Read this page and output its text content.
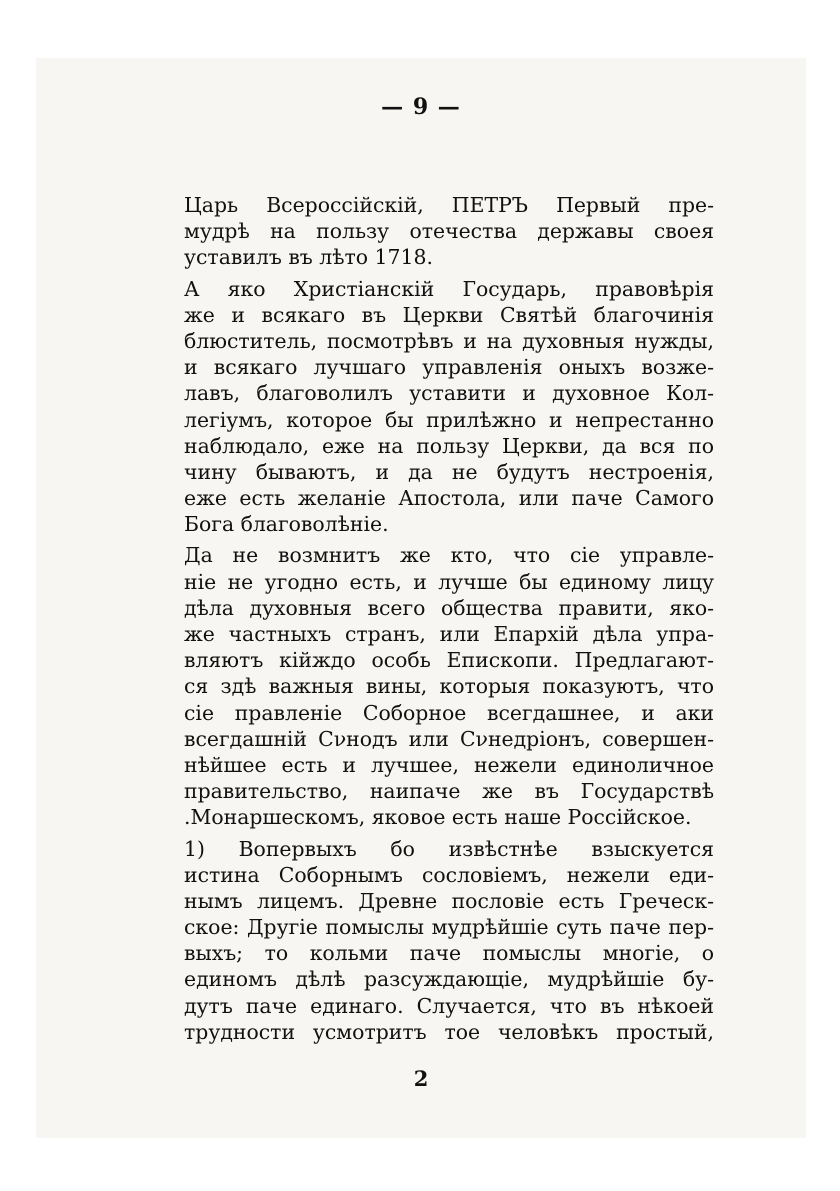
— 9 —
Царь Всероссійскій, ПЕТРЪ Первый пре-
мудрѣ на пользу отечества державы своея
уставилъ въ лѣто 1718.
А яко Христіанскій Государь, правовѣрія
же и всякаго въ Церкви Святѣй благочинія
блюститель, посмотрѣвъ и на духовныя нужды,
и всякаго лучшаго управленія оныхъ возже-
лавъ, благоволилъ уставити и духовное Кол-
легіумъ, которое бы прилѣжно и непрестанно
наблюдало, еже на пользу Церкви, да вся по
чину бываютъ, и да не будутъ нестроенія,
еже есть желаніе Апостола, или паче Самого
Бога благоволѣніе.
Да не возмнитъ же кто, что сіе управле-
ніе не угодно есть, и лучше бы единому лицу
дѣла духовныя всего общества правити, яко-
же частныхъ странъ, или Епархій дѣла упра-
вляютъ кійждо особь Епископи. Предлагают-
ся здѣ важныя вины, которыя показуютъ, что
сіе правленіе Соборное всегдашнее, и аки
всегдашній Сνнодъ или Сνнедріонъ, совершен-
нѣйшее есть и лучшее, нежели единоличное
правительство, наипаче же въ Государствѣ
.Монаршескомъ, яковое есть наше Россійское.
1) Вопервыхъ бо извѣстнѣе взыскуется
истина Соборнымъ сословіемъ, нежели еди-
нымъ лицемъ. Древне пословіе есть Греческ-
ское: Другіе помыслы мудрѣйшіе суть паче пер-
выхъ; то кольми паче помыслы многіе, о
единомъ дѣлѣ разсуждающіе, мудрѣйшіе бу-
дутъ паче единаго. Случается, что въ нѣкоей
трудности усмотритъ тое человѣкъ простый,
2
